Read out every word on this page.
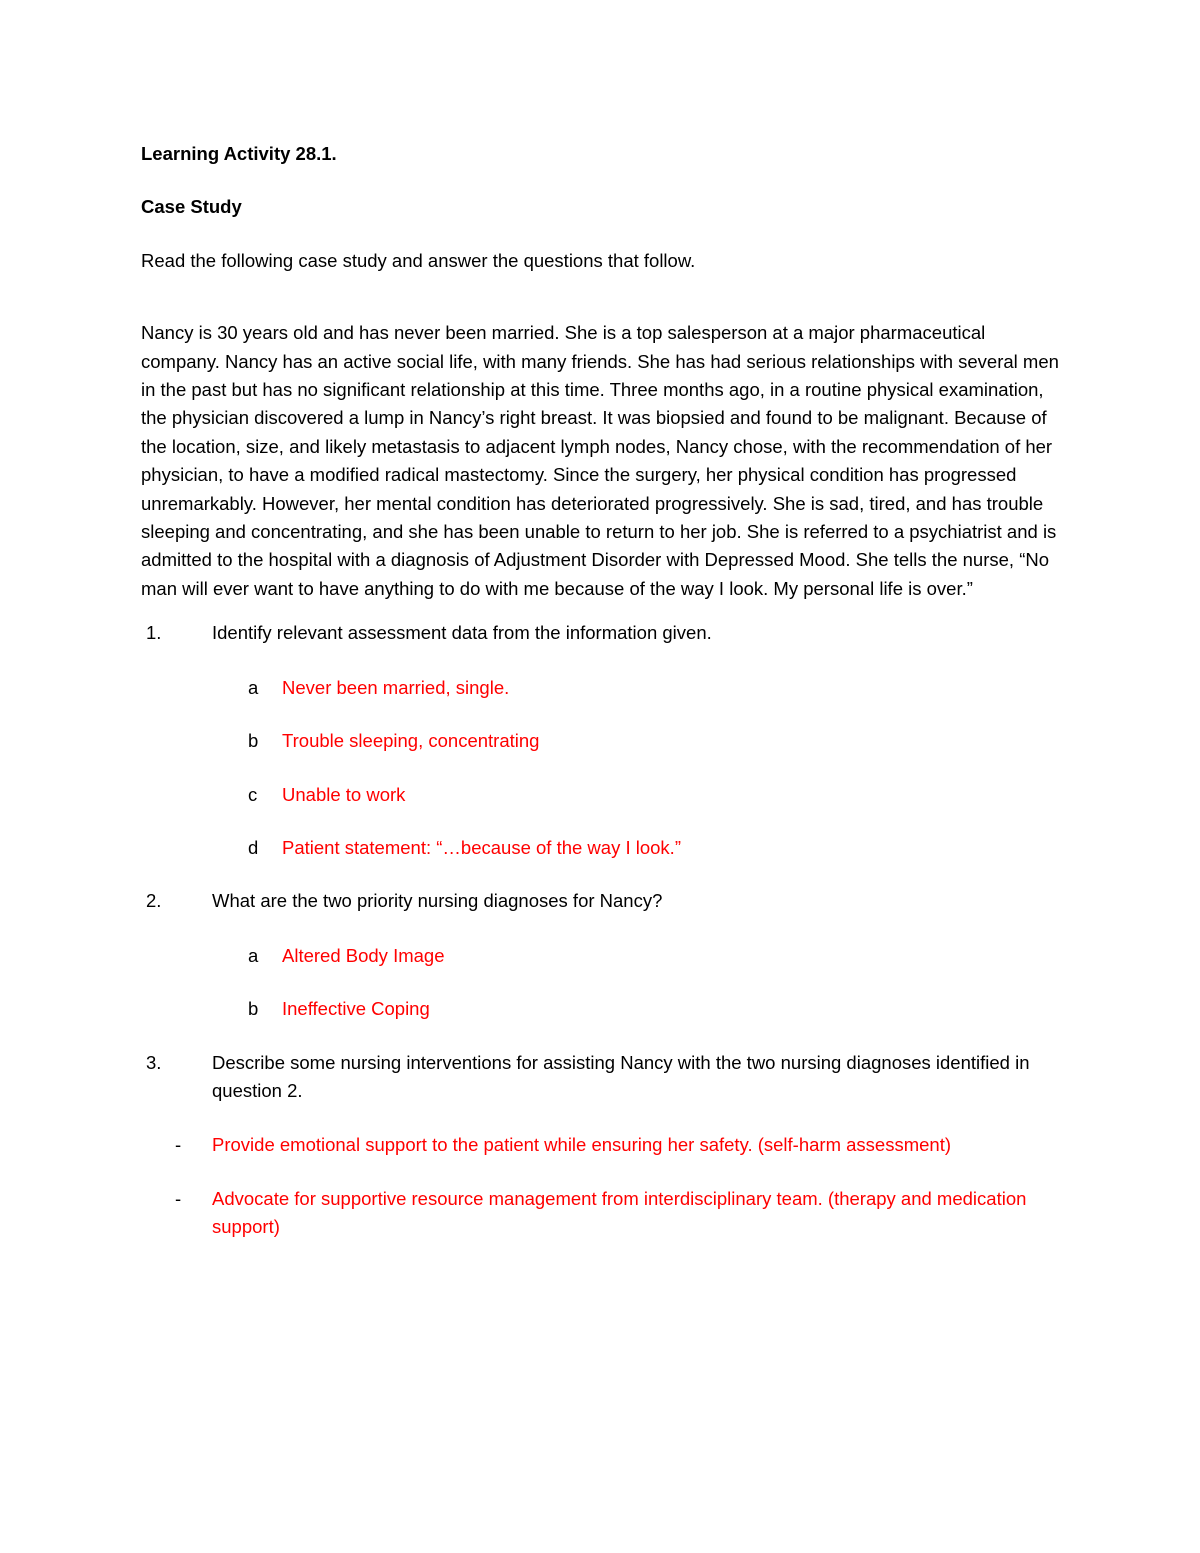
Learning Activity 28.1.

Case Study

Read the following case study and answer the questions that follow.

Nancy is 30 years old and has never been married. She is a top salesperson at a major pharmaceutical company. Nancy has an active social life, with many friends. She has had serious relationships with several men in the past but has no significant relationship at this time. Three months ago, in a routine physical examination, the physician discovered a lump in Nancy’s right breast. It was biopsied and found to be malignant. Because of the location, size, and likely metastasis to adjacent lymph nodes, Nancy chose, with the recommendation of her physician, to have a modified radical mastectomy. Since the surgery, her physical condition has progressed unremarkably. However, her mental condition has deteriorated progressively. She is sad, tired, and has trouble sleeping and concentrating, and she has been unable to return to her job. She is referred to a psychiatrist and is admitted to the hospital with a diagnosis of Adjustment Disorder with Depressed Mood. She tells the nurse, “No man will ever want to have anything to do with me because of the way I look. My personal life is over.”

1.	Identify relevant assessment data from the information given.
a Never been married, single.
b Trouble sleeping, concentrating
c Unable to work
d Patient statement: “…because of the way I look.”
2.	What are the two priority nursing diagnoses for Nancy?
a Altered Body Image
b Ineffective Coping
3.	Describe some nursing interventions for assisting Nancy with the two nursing diagnoses identified in question 2.
- Provide emotional support to the patient while ensuring her safety. (self-harm assessment)
- Advocate for supportive resource management from interdisciplinary team. (therapy and medication support)
